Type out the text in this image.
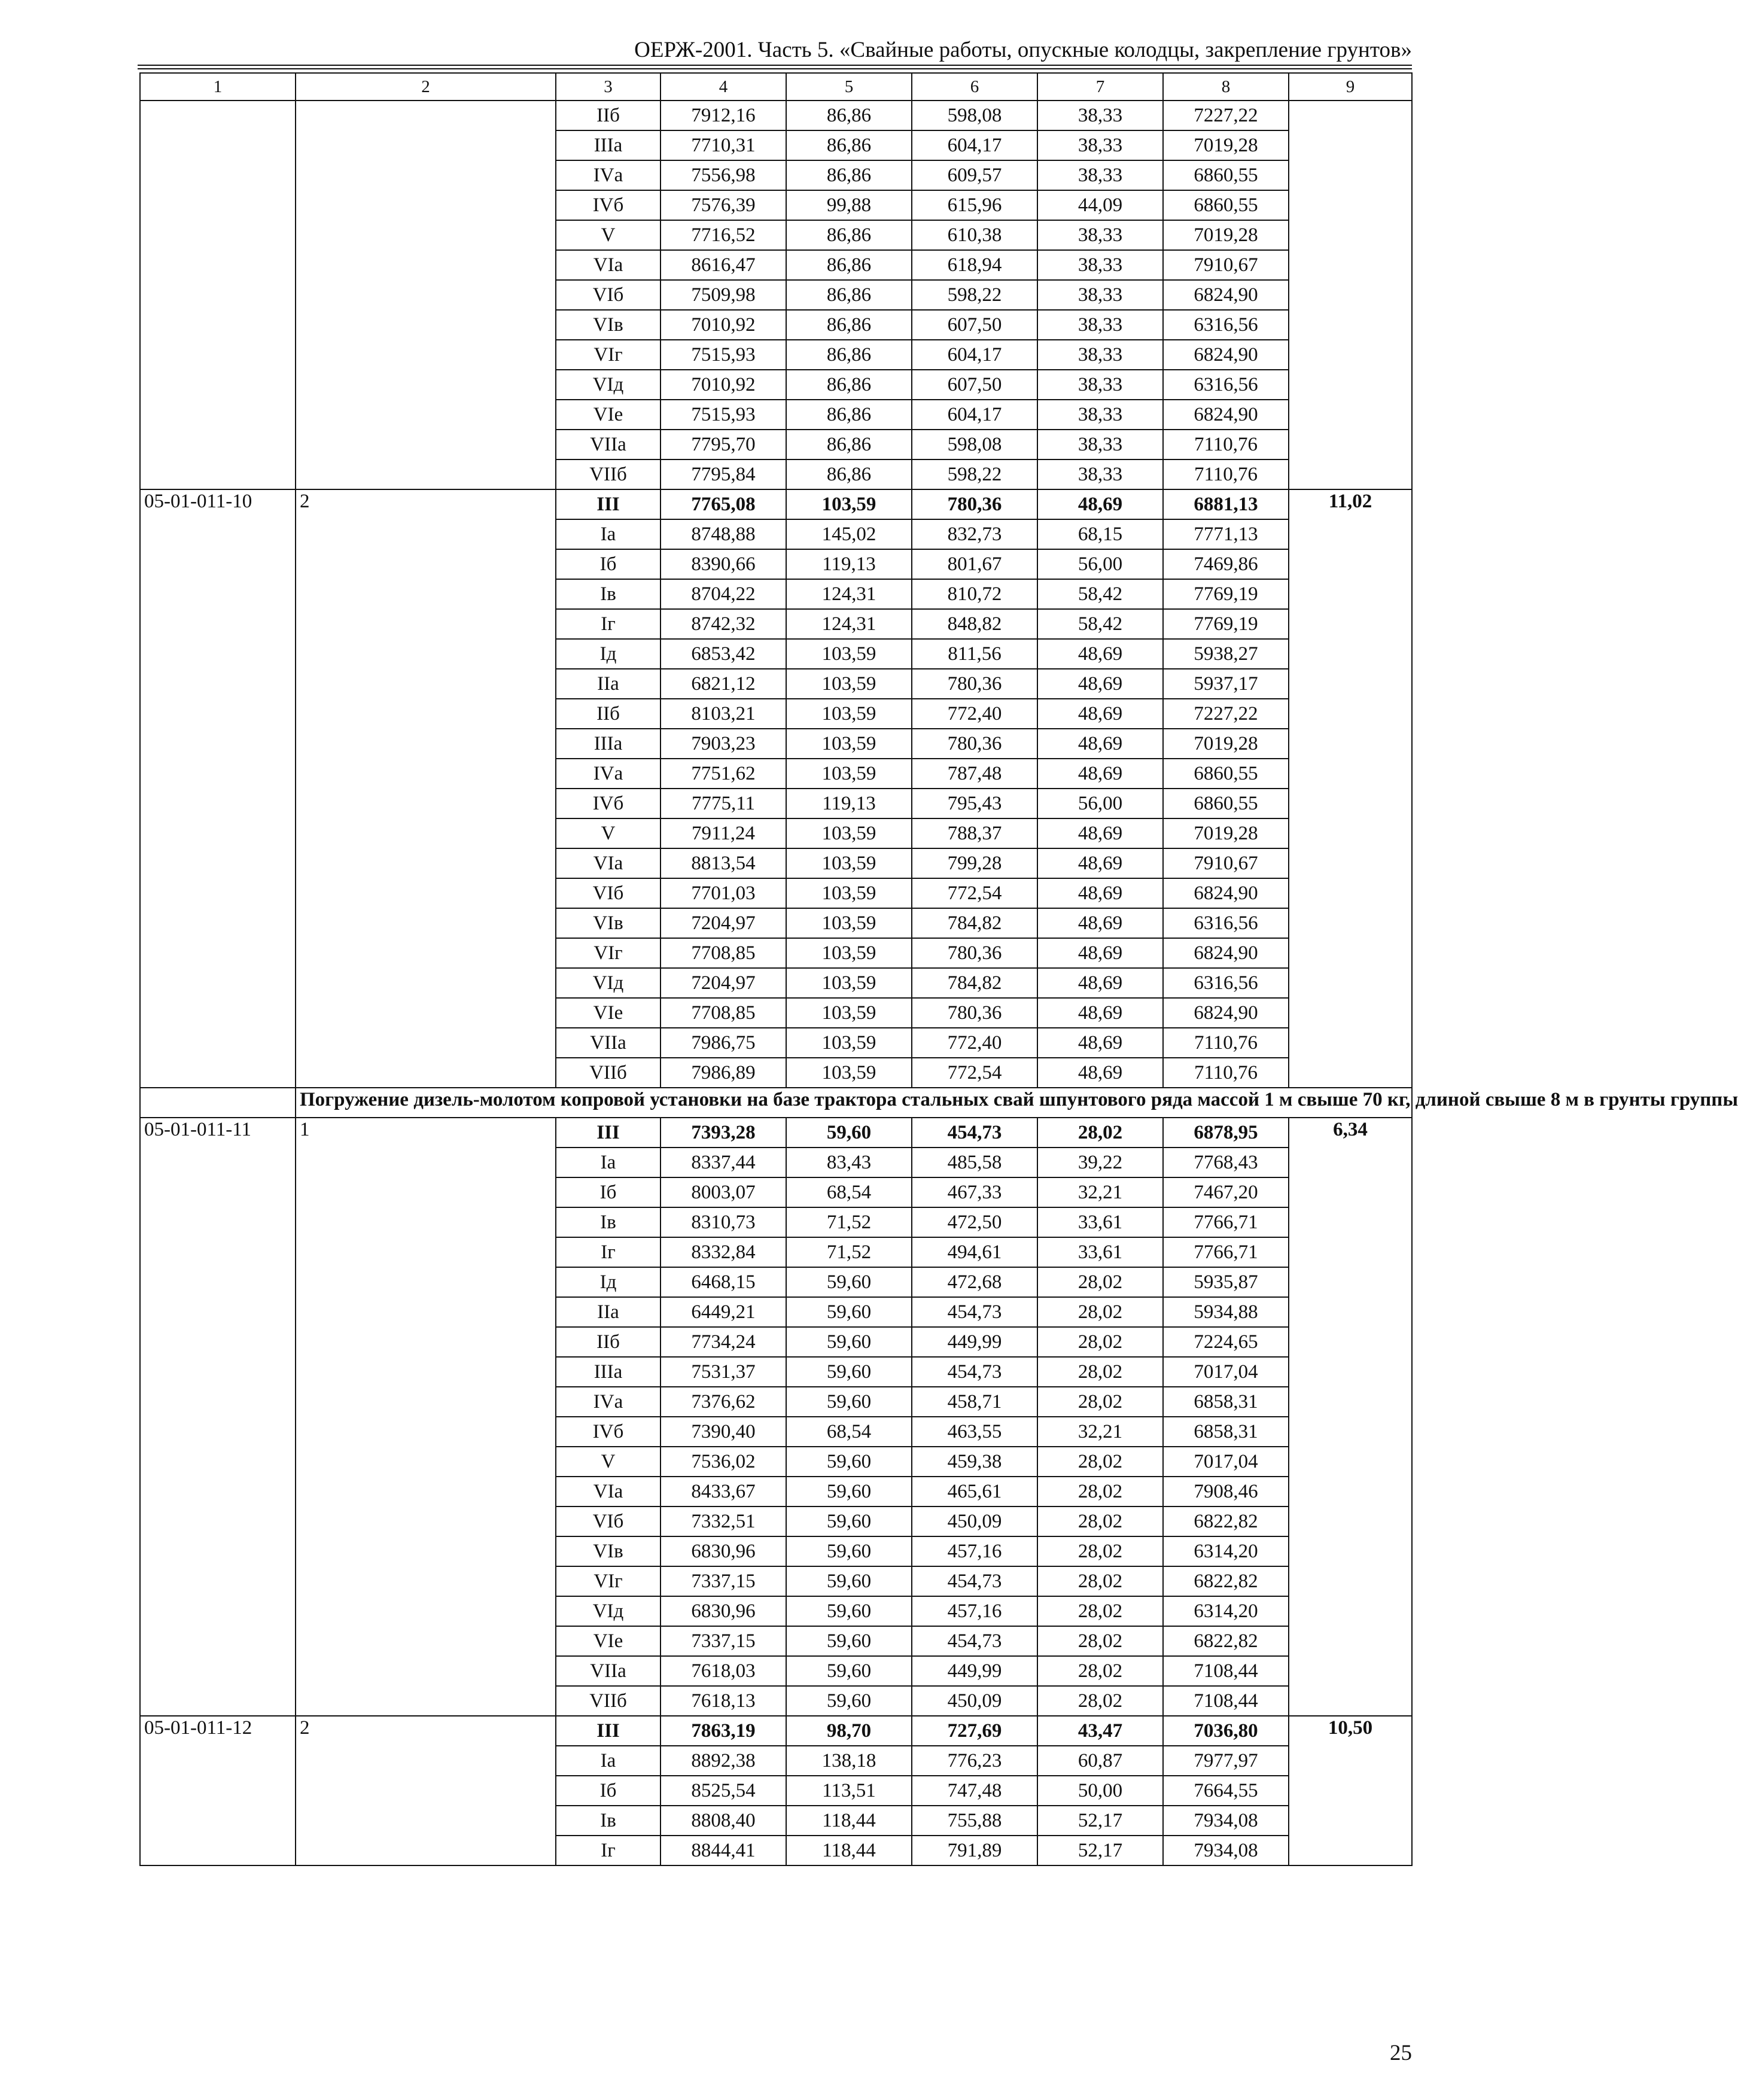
ОЕРЖ-2001. Часть 5. «Свайные работы, опускные колодцы, закрепление грунтов»
1	2	3	4	5	6	7	8	9
		IIб	7912,16	86,86	598,08	38,33	7227,22	
		IIIа	7710,31	86,86	604,17	38,33	7019,28	
		IVа	7556,98	86,86	609,57	38,33	6860,55	
		IVб	7576,39	99,88	615,96	44,09	6860,55	
		V	7716,52	86,86	610,38	38,33	7019,28	
		VIа	8616,47	86,86	618,94	38,33	7910,67	
		VIб	7509,98	86,86	598,22	38,33	6824,90	
		VIв	7010,92	86,86	607,50	38,33	6316,56	
		VIг	7515,93	86,86	604,17	38,33	6824,90	
		VIд	7010,92	86,86	607,50	38,33	6316,56	
		VIе	7515,93	86,86	604,17	38,33	6824,90	
		VIIа	7795,70	86,86	598,08	38,33	7110,76	
		VIIб	7795,84	86,86	598,22	38,33	7110,76	
05-01-011-10	2	III	7765,08	103,59	780,36	48,69	6881,13	11,02
		Iа	8748,88	145,02	832,73	68,15	7771,13	
		Iб	8390,66	119,13	801,67	56,00	7469,86	
		Iв	8704,22	124,31	810,72	58,42	7769,19	
		Iг	8742,32	124,31	848,82	58,42	7769,19	
		Iд	6853,42	103,59	811,56	48,69	5938,27	
		IIа	6821,12	103,59	780,36	48,69	5937,17	
		IIб	8103,21	103,59	772,40	48,69	7227,22	
		IIIа	7903,23	103,59	780,36	48,69	7019,28	
		IVа	7751,62	103,59	787,48	48,69	6860,55	
		IVб	7775,11	119,13	795,43	56,00	6860,55	
		V	7911,24	103,59	788,37	48,69	7019,28	
		VIа	8813,54	103,59	799,28	48,69	7910,67	
		VIб	7701,03	103,59	772,54	48,69	6824,90	
		VIв	7204,97	103,59	784,82	48,69	6316,56	
		VIг	7708,85	103,59	780,36	48,69	6824,90	
		VIд	7204,97	103,59	784,82	48,69	6316,56	
		VIе	7708,85	103,59	780,36	48,69	6824,90	
		VIIа	7986,75	103,59	772,40	48,69	7110,76	
		VIIб	7986,89	103,59	772,54	48,69	7110,76	
	Погружение дизель-молотом копровой установки на базе трактора стальных свай шпунтового ряда массой 1 м свыше 70 кг, длиной свыше 8 м в грунты группы							
05-01-011-11	1	III	7393,28	59,60	454,73	28,02	6878,95	6,34
		Iа	8337,44	83,43	485,58	39,22	7768,43	
		Iб	8003,07	68,54	467,33	32,21	7467,20	
		Iв	8310,73	71,52	472,50	33,61	7766,71	
		Iг	8332,84	71,52	494,61	33,61	7766,71	
		Iд	6468,15	59,60	472,68	28,02	5935,87	
		IIа	6449,21	59,60	454,73	28,02	5934,88	
		IIб	7734,24	59,60	449,99	28,02	7224,65	
		IIIа	7531,37	59,60	454,73	28,02	7017,04	
		IVа	7376,62	59,60	458,71	28,02	6858,31	
		IVб	7390,40	68,54	463,55	32,21	6858,31	
		V	7536,02	59,60	459,38	28,02	7017,04	
		VIа	8433,67	59,60	465,61	28,02	7908,46	
		VIб	7332,51	59,60	450,09	28,02	6822,82	
		VIв	6830,96	59,60	457,16	28,02	6314,20	
		VIг	7337,15	59,60	454,73	28,02	6822,82	
		VIд	6830,96	59,60	457,16	28,02	6314,20	
		VIе	7337,15	59,60	454,73	28,02	6822,82	
		VIIа	7618,03	59,60	449,99	28,02	7108,44	
		VIIб	7618,13	59,60	450,09	28,02	7108,44	
05-01-011-12	2	III	7863,19	98,70	727,69	43,47	7036,80	10,50
		Iа	8892,38	138,18	776,23	60,87	7977,97	
		Iб	8525,54	113,51	747,48	50,00	7664,55	
		Iв	8808,40	118,44	755,88	52,17	7934,08	
		Iг	8844,41	118,44	791,89	52,17	7934,08	
25
